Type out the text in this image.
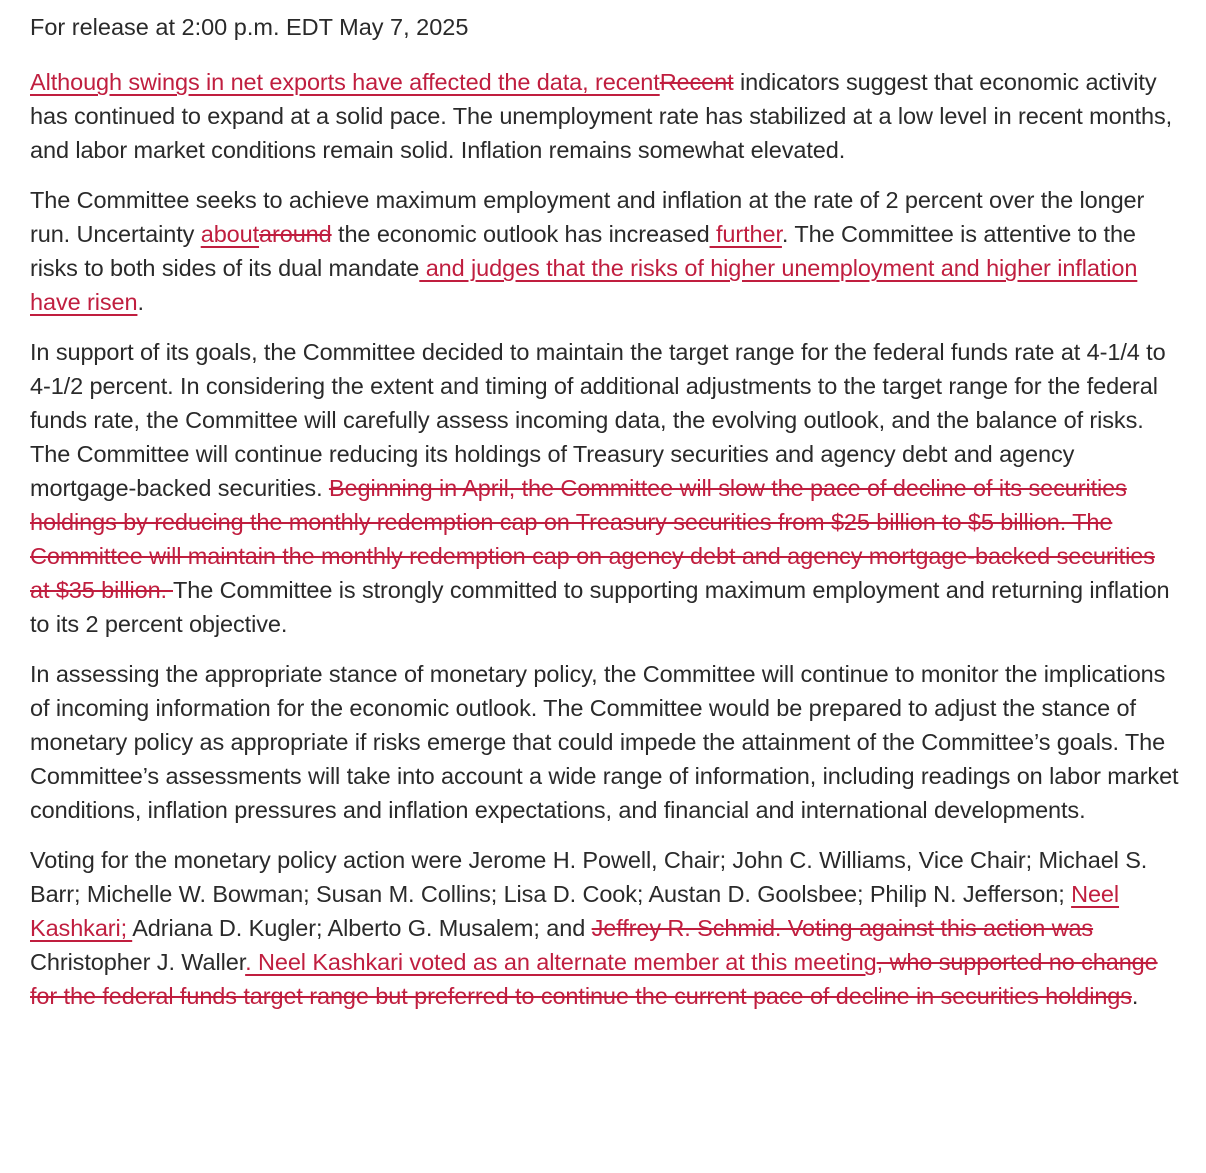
For release at 2:00 p.m. EDT May 7, 2025

Although swings in net exports have affected the data, recentRecent indicators suggest that economic activity has continued to expand at a solid pace. The unemployment rate has stabilized at a low level in recent months, and labor market conditions remain solid. Inflation remains somewhat elevated.

The Committee seeks to achieve maximum employment and inflation at the rate of 2 percent over the longer run. Uncertainty aboutaround the economic outlook has increased further. The Committee is attentive to the risks to both sides of its dual mandate and judges that the risks of higher unemployment and higher inflation have risen.

In support of its goals, the Committee decided to maintain the target range for the federal funds rate at 4-1/4 to 4-1/2 percent. In considering the extent and timing of additional adjustments to the target range for the federal funds rate, the Committee will carefully assess incoming data, the evolving outlook, and the balance of risks. The Committee will continue reducing its holdings of Treasury securities and agency debt and agency mortgage-backed securities. Beginning in April, the Committee will slow the pace of decline of its securities holdings by reducing the monthly redemption cap on Treasury securities from $25 billion to $5 billion. The Committee will maintain the monthly redemption cap on agency debt and agency mortgage-backed securities at $35 billion. The Committee is strongly committed to supporting maximum employment and returning inflation to its 2 percent objective.

In assessing the appropriate stance of monetary policy, the Committee will continue to monitor the implications of incoming information for the economic outlook. The Committee would be prepared to adjust the stance of monetary policy as appropriate if risks emerge that could impede the attainment of the Committee’s goals. The Committee’s assessments will take into account a wide range of information, including readings on labor market conditions, inflation pressures and inflation expectations, and financial and international developments.

Voting for the monetary policy action were Jerome H. Powell, Chair; John C. Williams, Vice Chair; Michael S. Barr; Michelle W. Bowman; Susan M. Collins; Lisa D. Cook; Austan D. Goolsbee; Philip N. Jefferson; Neel Kashkari; Adriana D. Kugler; Alberto G. Musalem; and Jeffrey R. Schmid. Voting against this action was Christopher J. Waller. Neel Kashkari voted as an alternate member at this meeting, who supported no change for the federal funds target range but preferred to continue the current pace of decline in securities holdings.
